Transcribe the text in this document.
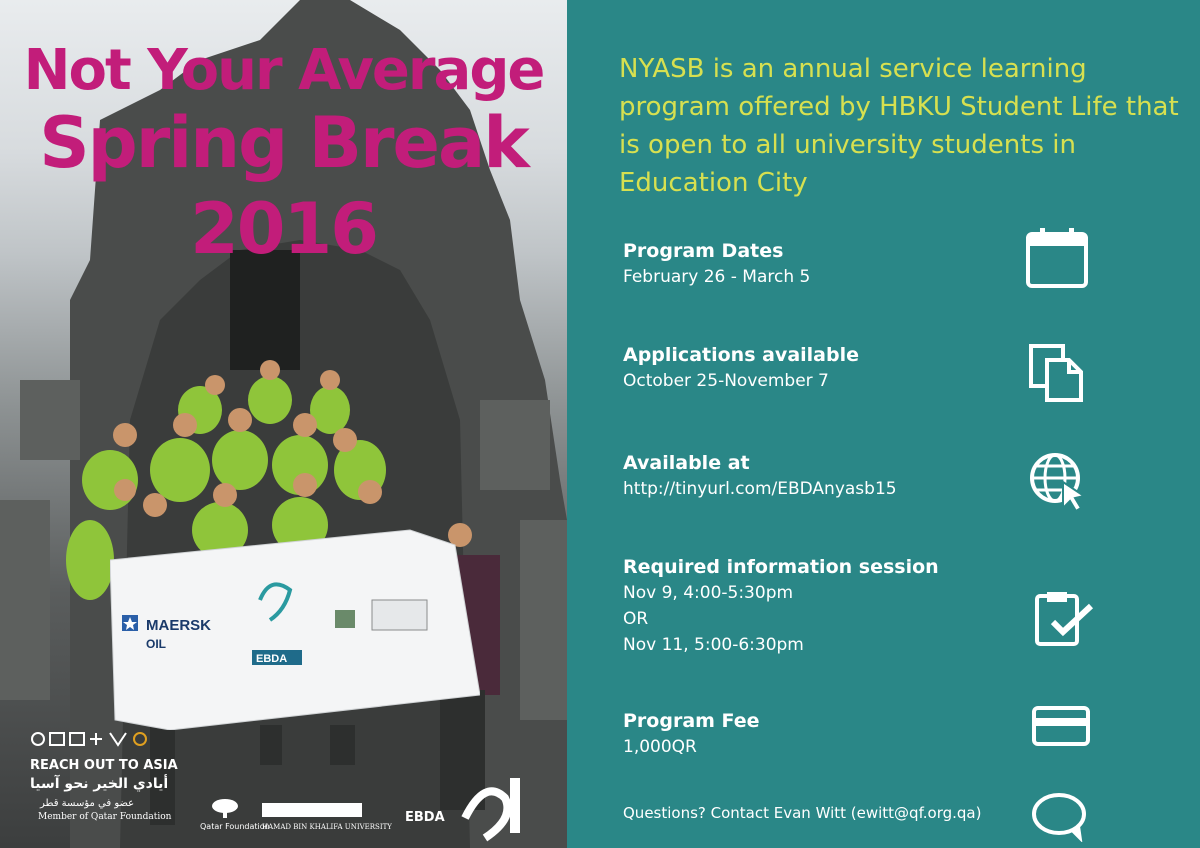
Not Your Average
Spring Break
2016
MAERSK
OIL
EBDA
REACH OUT TO ASIA
أيادي الخير نحو آسيا
عضو في مؤسسة قطر
Member of Qatar Foundation
Qatar Foundation
HAMAD BIN KHALIFA UNIVERSITY
EBDA
NYASB is an annual service learning program offered by HBKU Student Life that is open to all university students in Education City
Program Dates
February 26 - March 5
Applications available
October 25-November 7
Available at
http://tinyurl.com/EBDAnyasb15
Required information session
Nov 9, 4:00-5:30pm
OR
Nov 11, 5:00-6:30pm
Program Fee
1,000QR
Questions? Contact Evan Witt (ewitt@qf.org.qa)
